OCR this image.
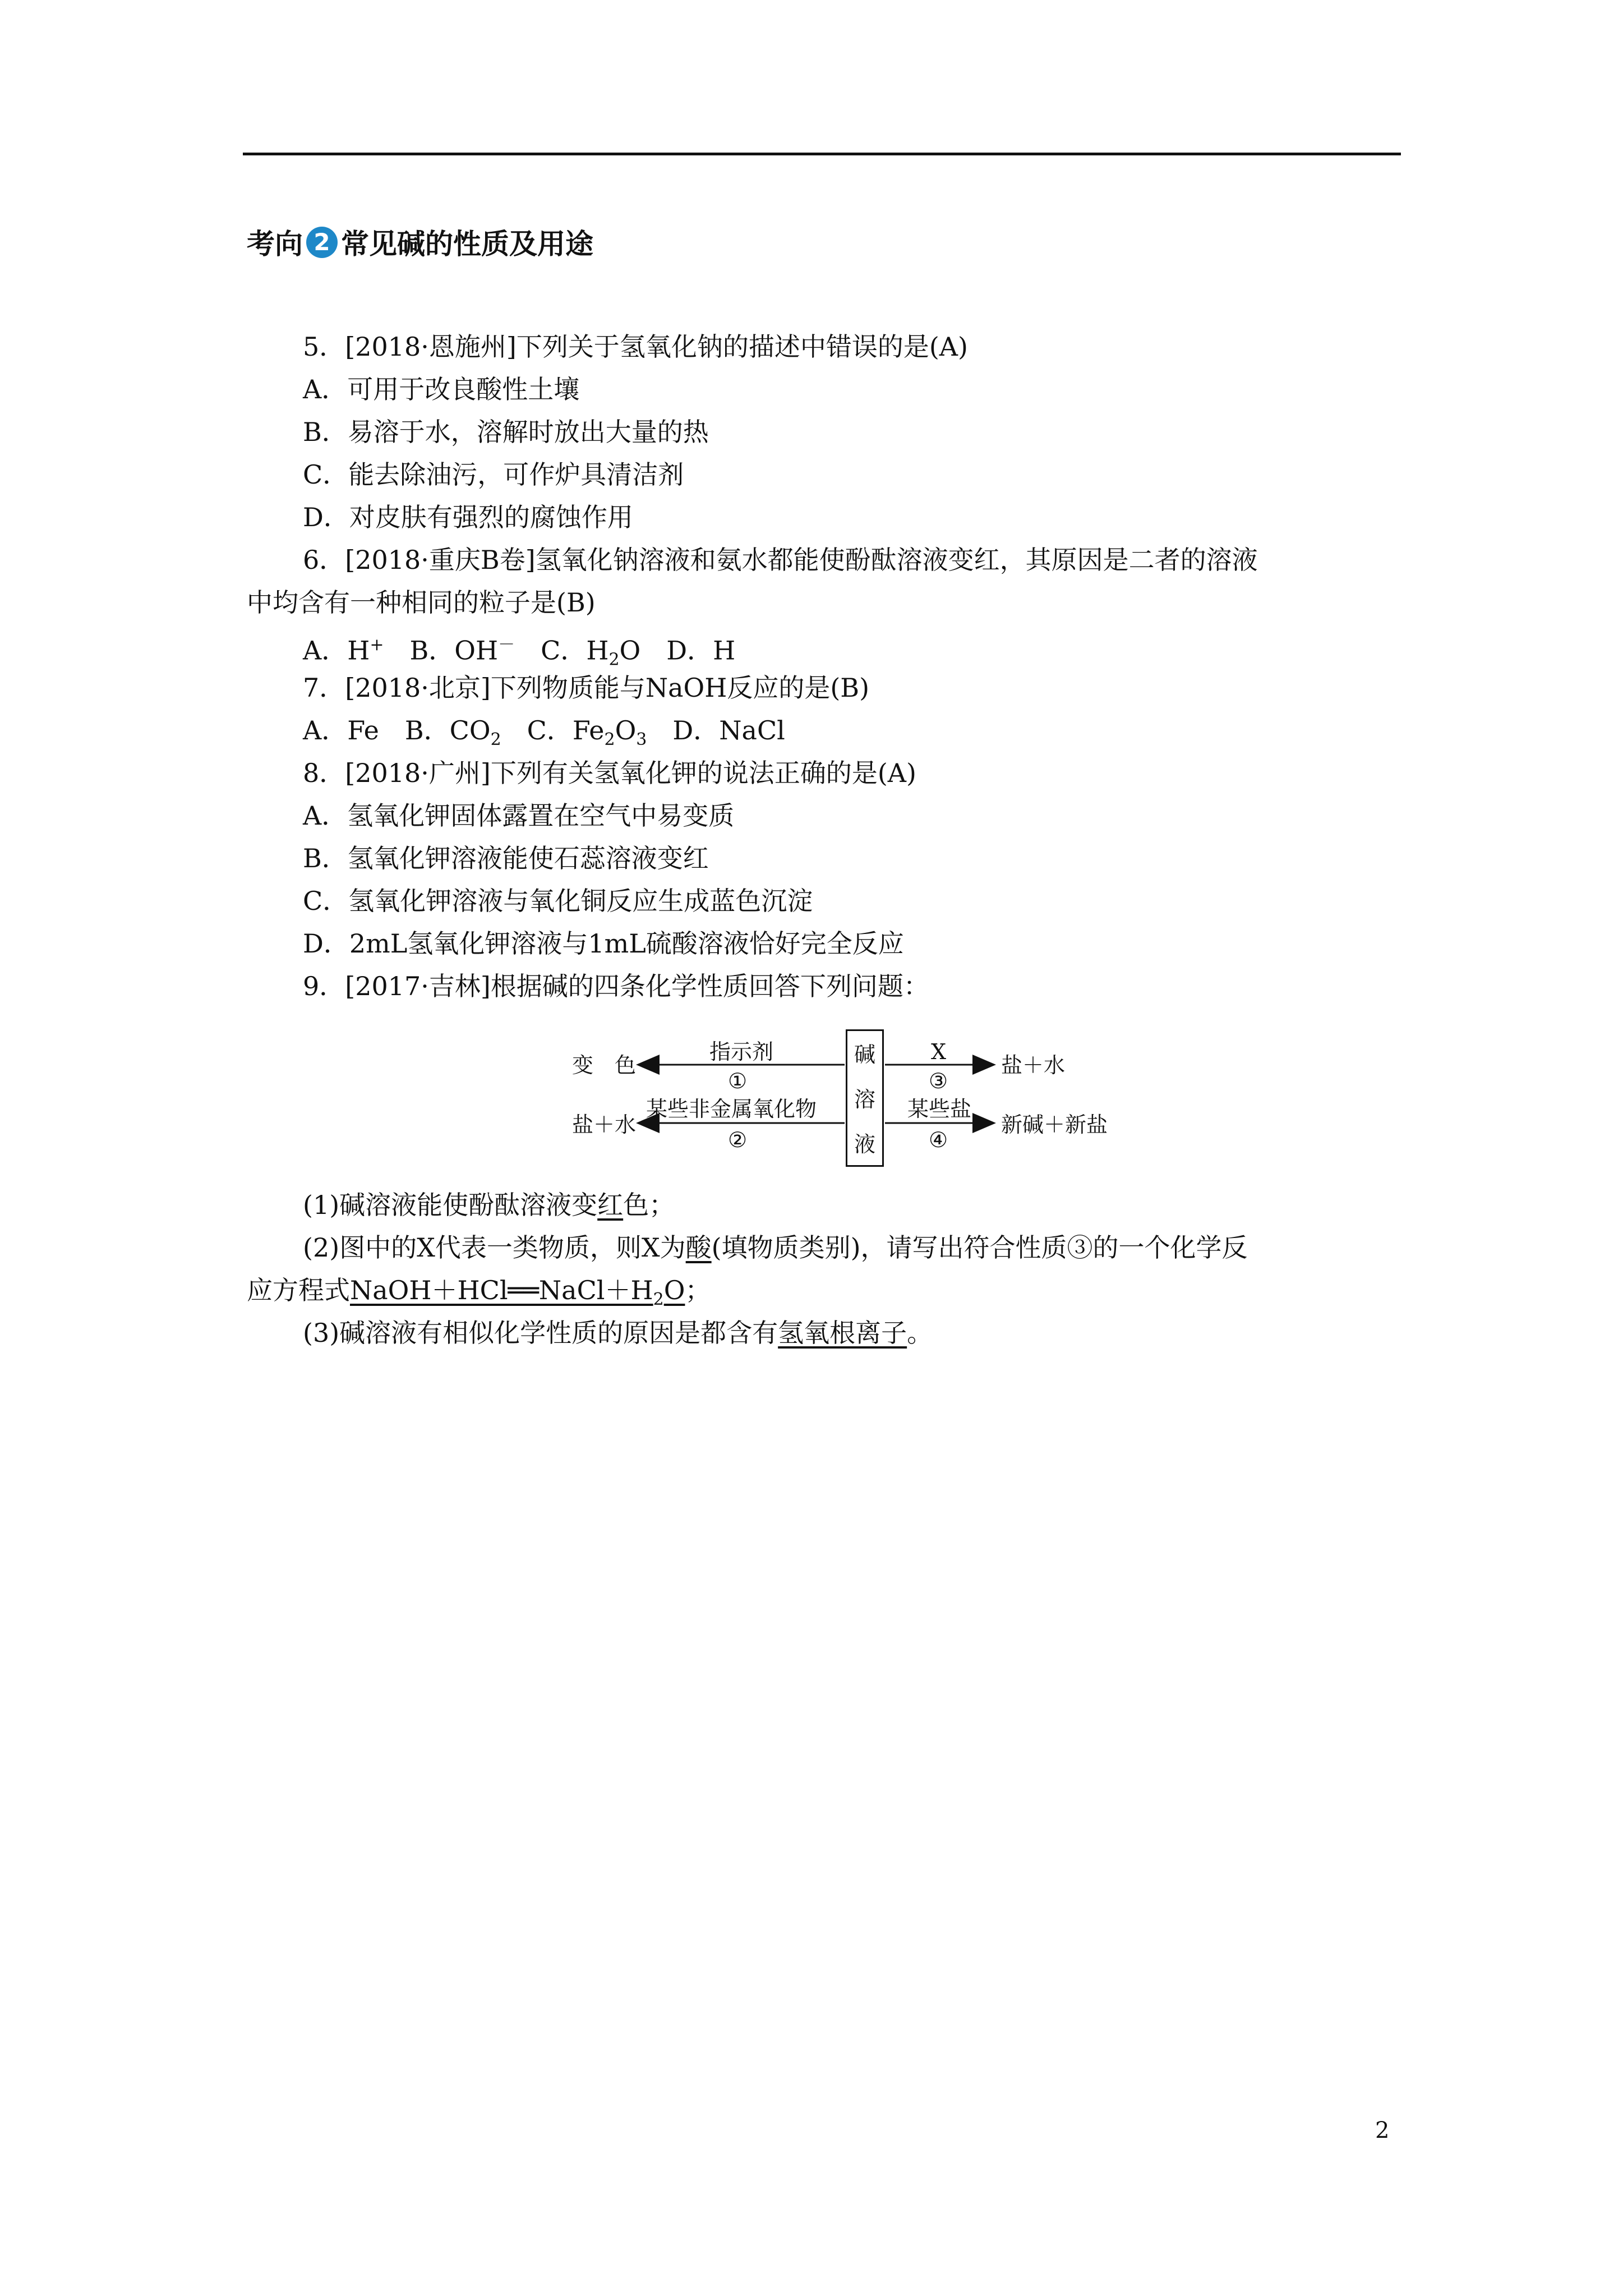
考向 2 常见碱的性质及用途
5．[2018·恩施州]下列关于氢氧化钠的描述中错误的是(A)
A．可用于改良酸性土壤
B．易溶于水，溶解时放出大量的热
C．能去除油污，可作炉具清洁剂
D．对皮肤有强烈的腐蚀作用
6．[2018·重庆B卷]氢氧化钠溶液和氨水都能使酚酞溶液变红，其原因是二者的溶液
中均含有一种相同的粒子是(B)
A．H+　B．OH－　C．$H_2O$　D．H
7．[2018·北京]下列物质能与NaOH反应的是(B)
A．Fe　B．$CO_2$　C．$Fe_2O_3$　D．NaCl
8．[2018·广州]下列有关氢氧化钾的说法正确的是(A)
A．氢氧化钾固体露置在空气中易变质
B．氢氧化钾溶液能使石蕊溶液变红
C．氢氧化钾溶液与氧化铜反应生成蓝色沉淀
D．2mL氢氧化钾溶液与1mL硫酸溶液恰好完全反应
9．[2017·吉林]根据碱的四条化学性质回答下列问题：
碱
溶
液
变　色
指示剂
①
盐＋水
某些非金属氧化物
②
X
③
盐＋水
某些盐
④
新碱＋新盐
(1)碱溶液能使酚酞溶液变红色；
(2)图中的X代表一类物质，则X为酸(填物质类别)，请写出符合性质③的一个化学反
应方程式$NaOH+HCl══NaCl+H_2O$；
(3)碱溶液有相似化学性质的原因是都含有氢氧根离子。
2
